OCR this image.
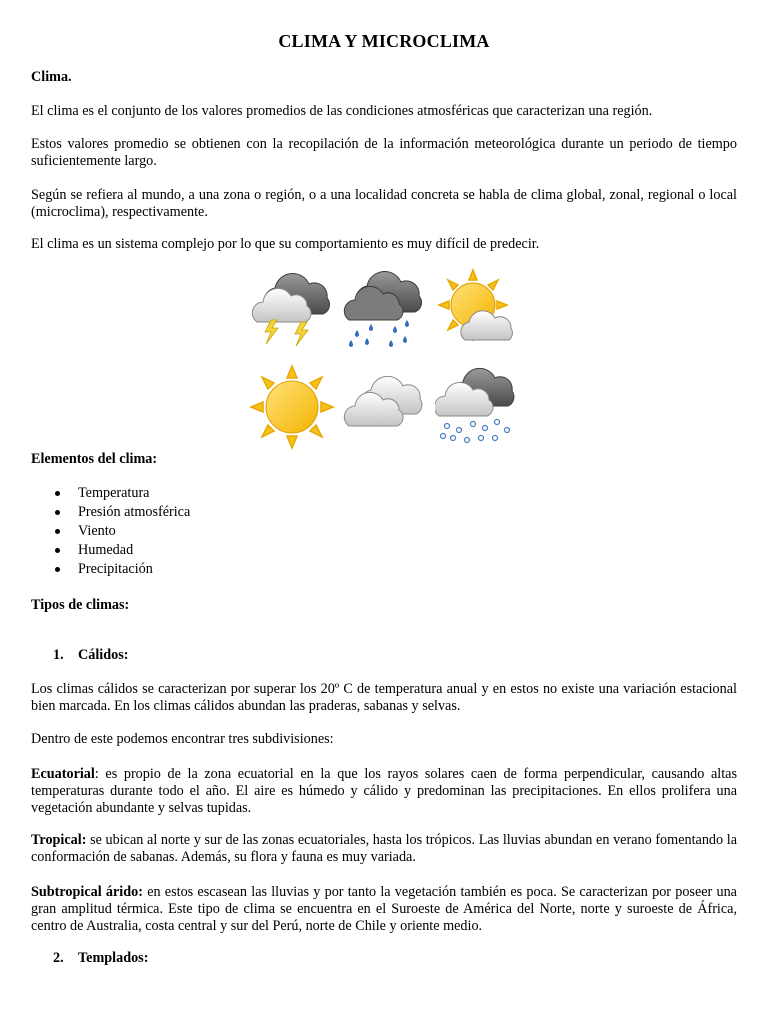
CLIMA Y MICROCLIMA

Clima.

El clima es el conjunto de los valores promedios de las condiciones atmosféricas que caracterizan una región.

Estos valores promedio se obtienen con la recopilación de la información meteorológica durante un periodo de tiempo suficientemente largo.

Según se refiera al mundo, a una zona o región, o a una localidad concreta se habla de clima global, zonal, regional o local (microclima), respectivamente.

El clima es un sistema complejo por lo que su comportamiento es muy difícil de predecir.

Elementos del clima:

Temperatura
Presión atmosférica
Viento
Humedad
Precipitación

Tipos de climas:

1. Cálidos:

Los climas cálidos se caracterizan por superar los 20º C de temperatura anual y en estos no existe una variación estacional bien marcada. En los climas cálidos abundan las praderas, sabanas y selvas.

Dentro de este podemos encontrar tres subdivisiones:

Ecuatorial: es propio de la zona ecuatorial en la que los rayos solares caen de forma perpendicular, causando altas temperaturas durante todo el año. El aire es húmedo y cálido y predominan las precipitaciones. En ellos prolifera una vegetación abundante y selvas tupidas.

Tropical: se ubican al norte y sur de las zonas ecuatoriales, hasta los trópicos. Las lluvias abundan en verano fomentando la conformación de sabanas. Además, su flora y fauna es muy variada.

Subtropical árido: en estos escasean las lluvias y por tanto la vegetación también es poca. Se caracterizan por poseer una gran amplitud térmica. Este tipo de clima se encuentra en el Suroeste de América del Norte, norte y suroeste de África, centro de Australia, costa central y sur del Perú, norte de Chile y oriente medio.

2. Templados:
